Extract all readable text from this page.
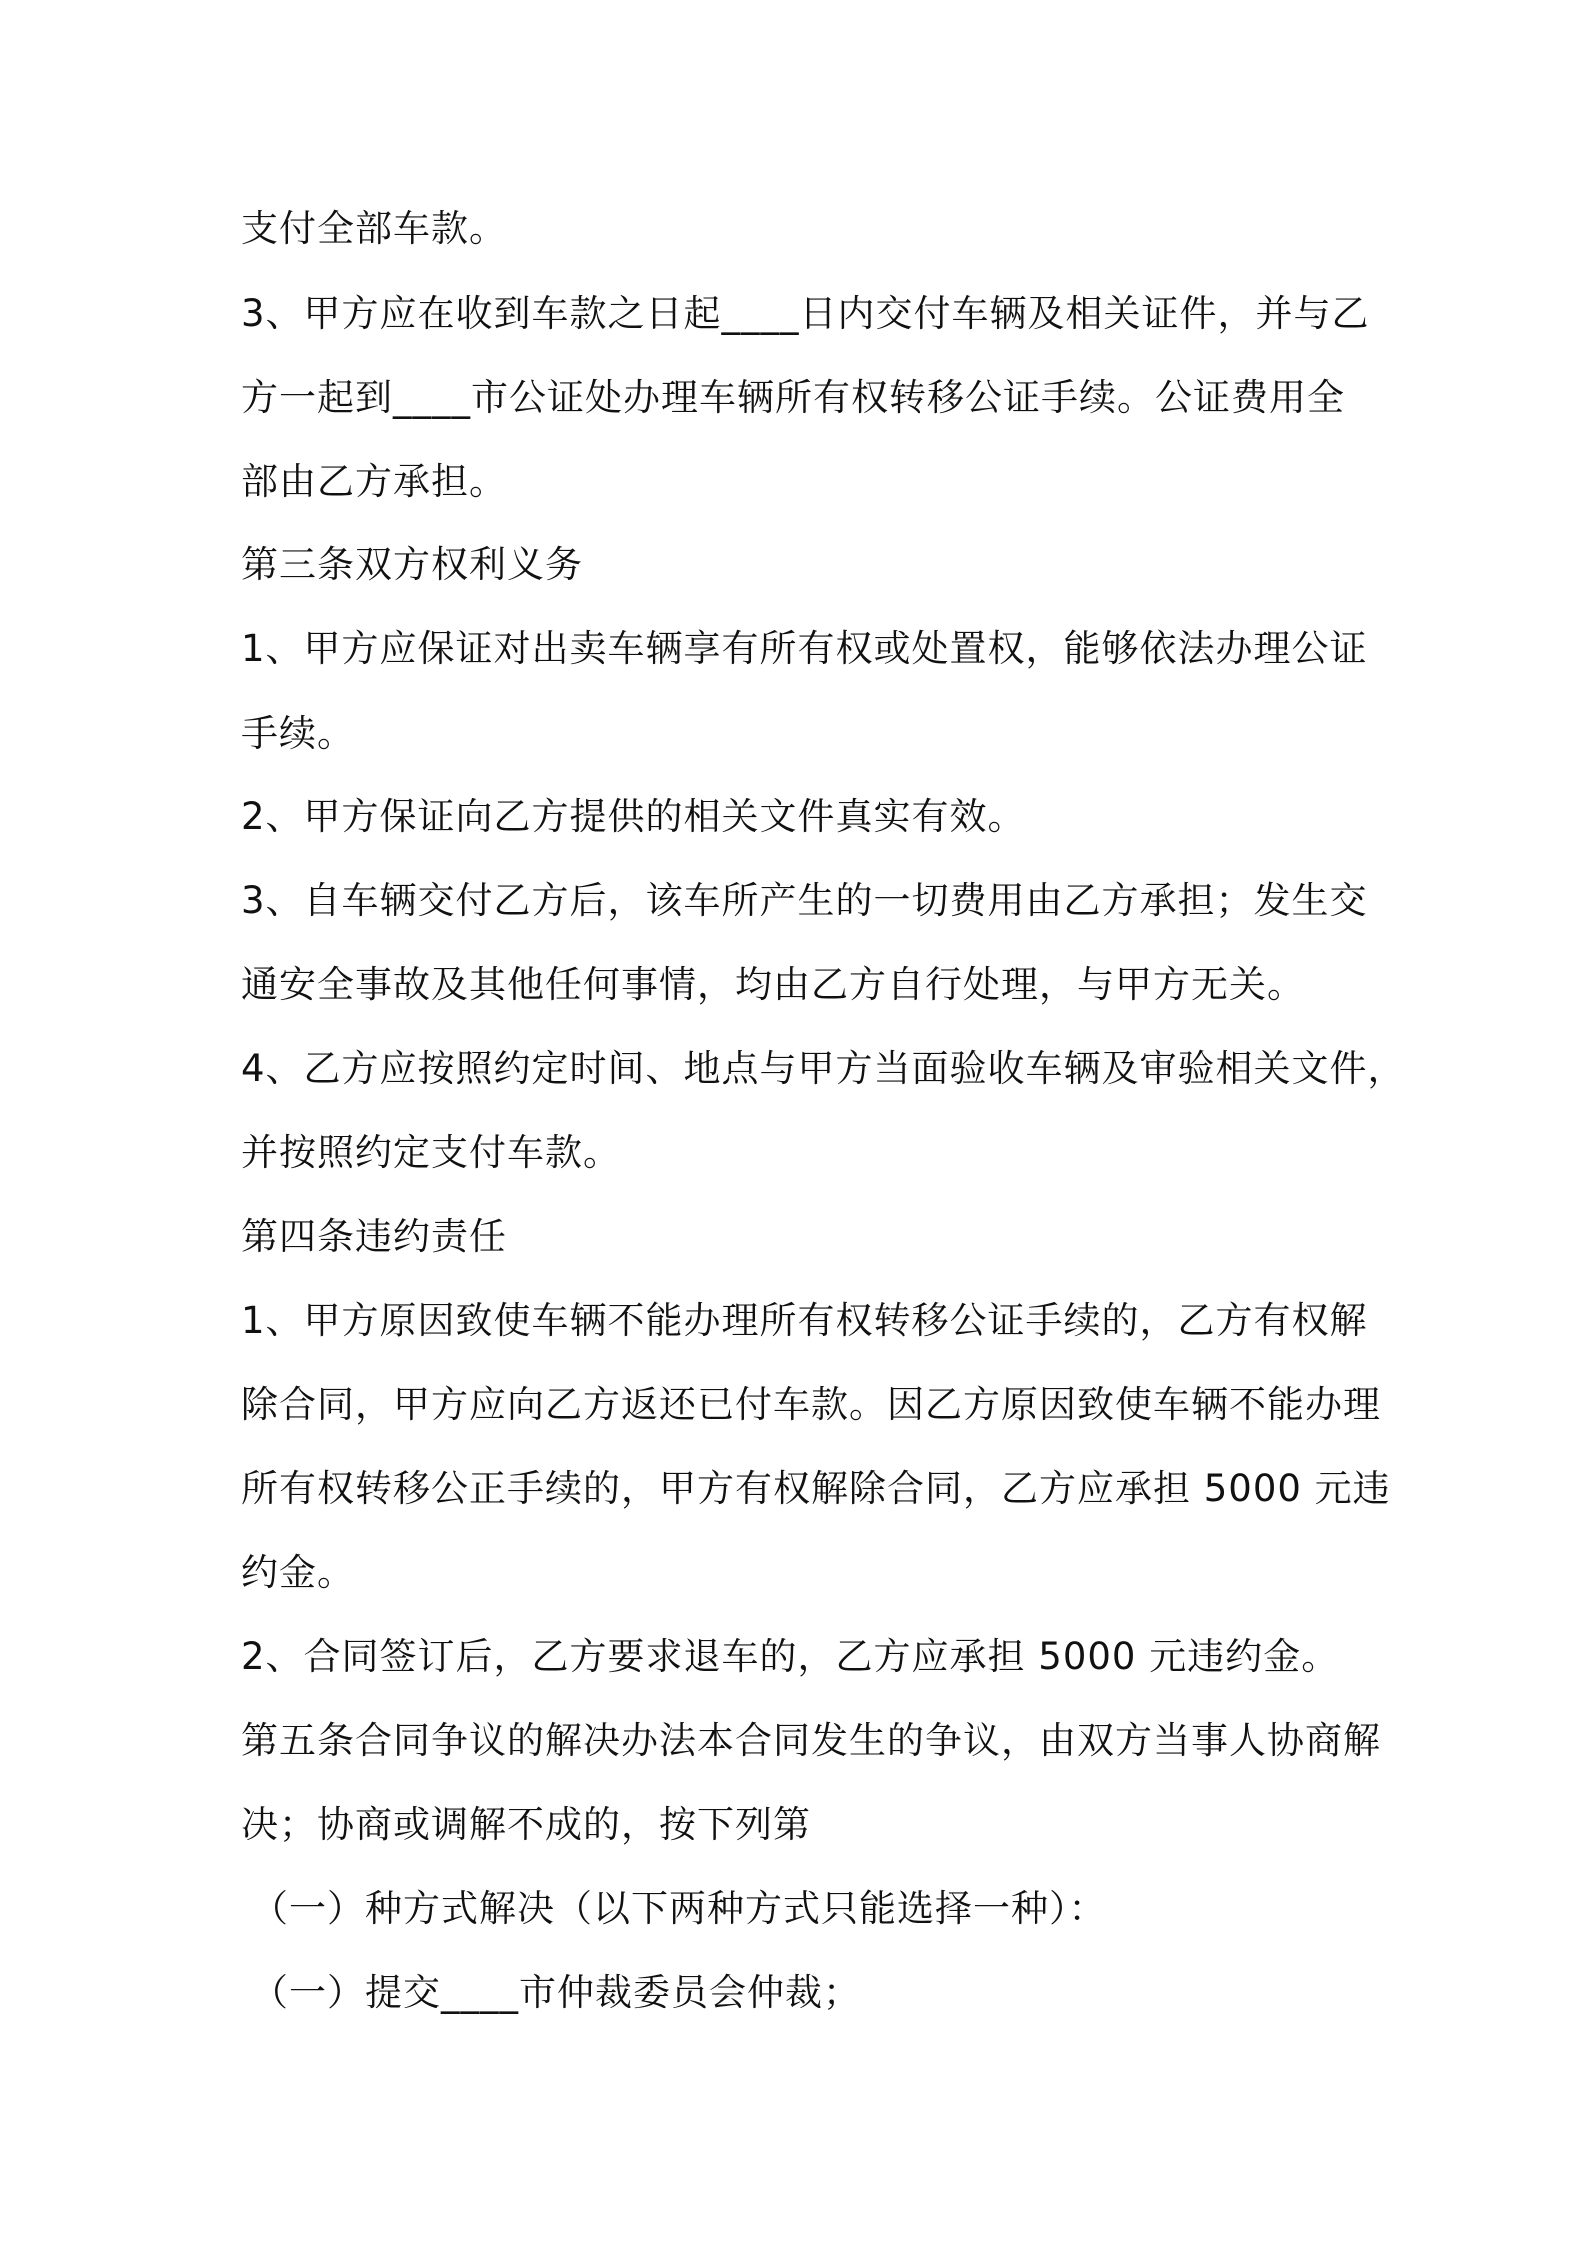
支付全部车款。
3、甲方应在收到车款之日起____日内交付车辆及相关证件，并与乙
方一起到____市公证处办理车辆所有权转移公证手续。公证费用全
部由乙方承担。
第三条双方权利义务
1、甲方应保证对出卖车辆享有所有权或处置权，能够依法办理公证
手续。
2、甲方保证向乙方提供的相关文件真实有效。
3、自车辆交付乙方后，该车所产生的一切费用由乙方承担；发生交
通安全事故及其他任何事情，均由乙方自行处理，与甲方无关。
4、乙方应按照约定时间、地点与甲方当面验收车辆及审验相关文件，
并按照约定支付车款。
第四条违约责任
1、甲方原因致使车辆不能办理所有权转移公证手续的，乙方有权解
除合同，甲方应向乙方返还已付车款。因乙方原因致使车辆不能办理
所有权转移公正手续的，甲方有权解除合同，乙方应承担 5000 元违
约金。
2、合同签订后，乙方要求退车的，乙方应承担 5000 元违约金。
第五条合同争议的解决办法本合同发生的争议，由双方当事人协商解
决；协商或调解不成的，按下列第
（一）种方式解决（以下两种方式只能选择一种）：
（一）提交____市仲裁委员会仲裁；
